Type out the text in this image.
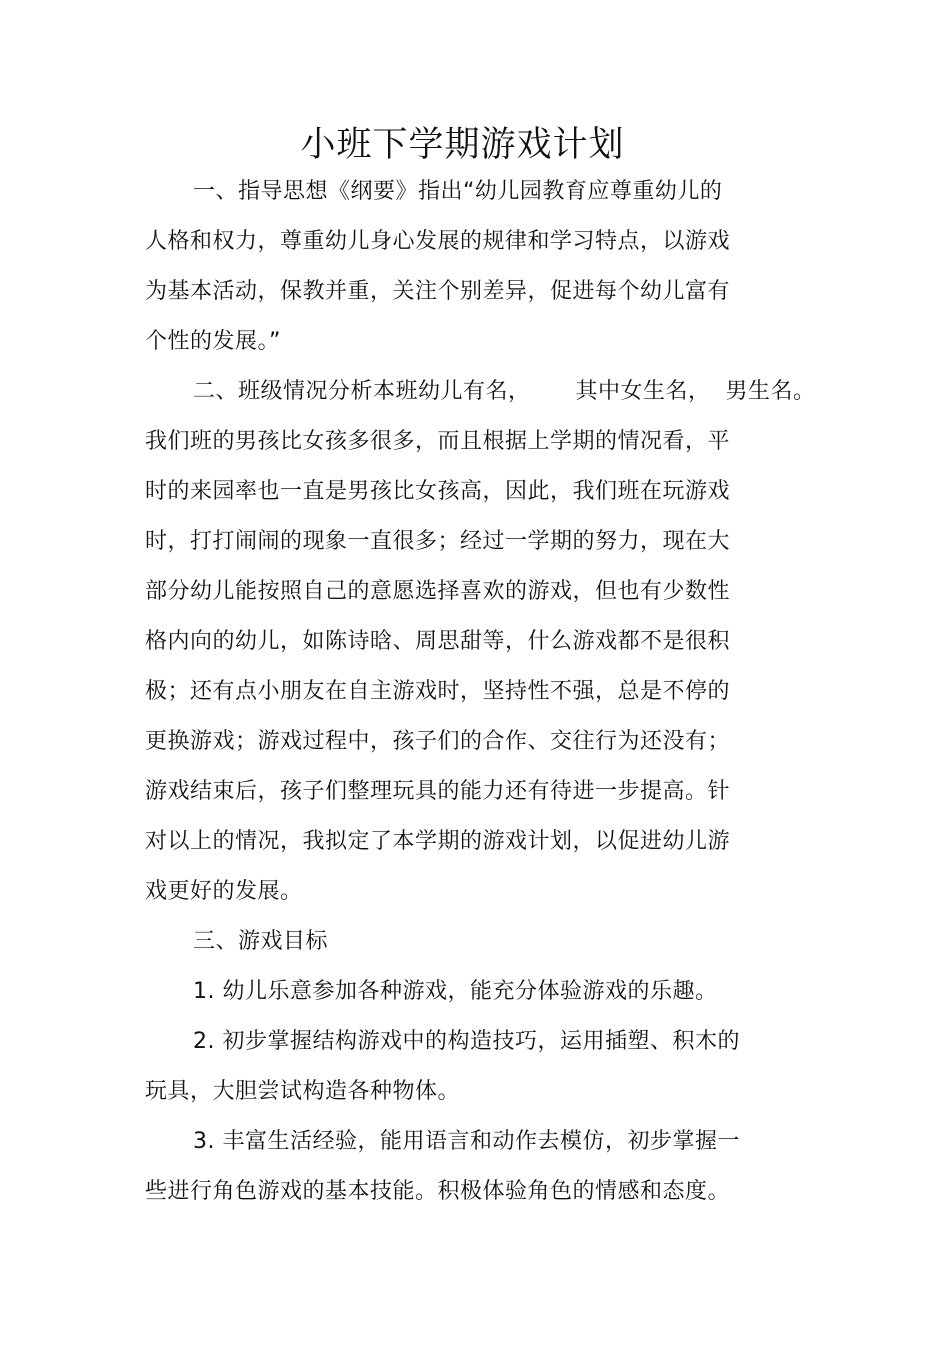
小班下学期游戏计划
一、指导思想《纲要》指出“幼儿园教育应尊重幼儿的
人格和权力，尊重幼儿身心发展的规律和学习特点，以游戏
为基本活动，保教并重，关注个别差异，促进每个幼儿富有
个性的发展。”
二、班级情况分析本班幼儿有名，      其中女生名，  男生名。
我们班的男孩比女孩多很多，而且根据上学期的情况看，平
时的来园率也一直是男孩比女孩高，因此，我们班在玩游戏
时，打打闹闹的现象一直很多；经过一学期的努力，现在大
部分幼儿能按照自己的意愿选择喜欢的游戏，但也有少数性
格内向的幼儿，如陈诗晗、周思甜等，什么游戏都不是很积
极；还有点小朋友在自主游戏时，坚持性不强，总是不停的
更换游戏；游戏过程中，孩子们的合作、交往行为还没有；
游戏结束后，孩子们整理玩具的能力还有待进一步提高。针
对以上的情况，我拟定了本学期的游戏计划，以促进幼儿游
戏更好的发展。
三、游戏目标
1. 幼儿乐意参加各种游戏，能充分体验游戏的乐趣。
2. 初步掌握结构游戏中的构造技巧，运用插塑、积木的
玩具，大胆尝试构造各种物体。
3. 丰富生活经验，能用语言和动作去模仿，初步掌握一
些进行角色游戏的基本技能。积极体验角色的情感和态度。
